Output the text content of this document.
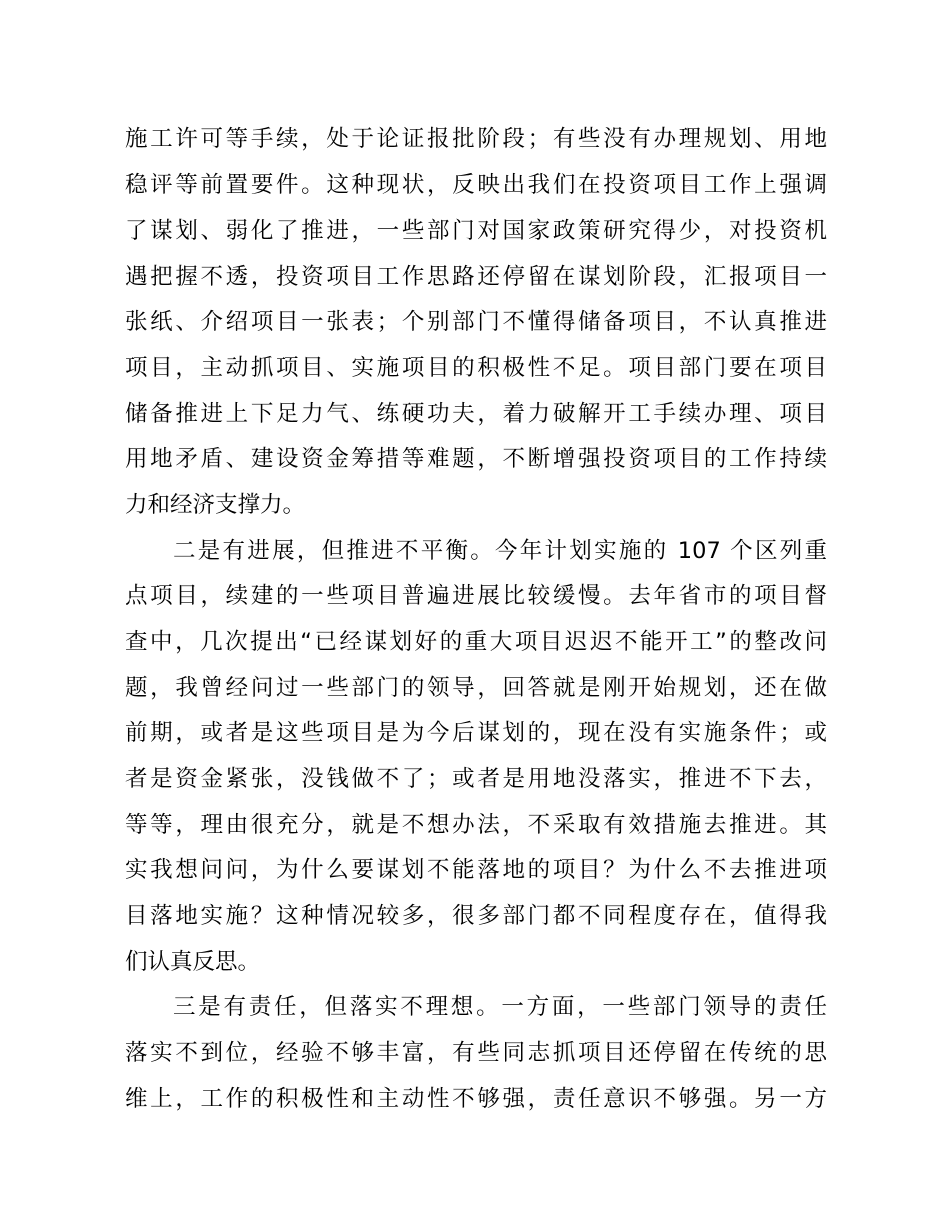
施工许可等手续，处于论证报批阶段；有些没有办理规划、用地
稳评等前置要件。这种现状，反映出我们在投资项目工作上强调
了谋划、弱化了推进，一些部门对国家政策研究得少，对投资机
遇把握不透，投资项目工作思路还停留在谋划阶段，汇报项目一
张纸、介绍项目一张表；个别部门不懂得储备项目，不认真推进
项目，主动抓项目、实施项目的积极性不足。项目部门要在项目
储备推进上下足力气、练硬功夫，着力破解开工手续办理、项目
用地矛盾、建设资金筹措等难题，不断增强投资项目的工作持续
力和经济支撑力。
二是有进展，但推进不平衡。今年计划实施的 107 个区列重
点项目，续建的一些项目普遍进展比较缓慢。去年省市的项目督
查中，几次提出“已经谋划好的重大项目迟迟不能开工”的整改问
题，我曾经问过一些部门的领导，回答就是刚开始规划，还在做
前期，或者是这些项目是为今后谋划的，现在没有实施条件；或
者是资金紧张，没钱做不了；或者是用地没落实，推进不下去，
等等，理由很充分，就是不想办法，不采取有效措施去推进。其
实我想问问，为什么要谋划不能落地的项目？为什么不去推进项
目落地实施？这种情况较多，很多部门都不同程度存在，值得我
们认真反思。
三是有责任，但落实不理想。一方面，一些部门领导的责任
落实不到位，经验不够丰富，有些同志抓项目还停留在传统的思
维上，工作的积极性和主动性不够强，责任意识不够强。另一方
